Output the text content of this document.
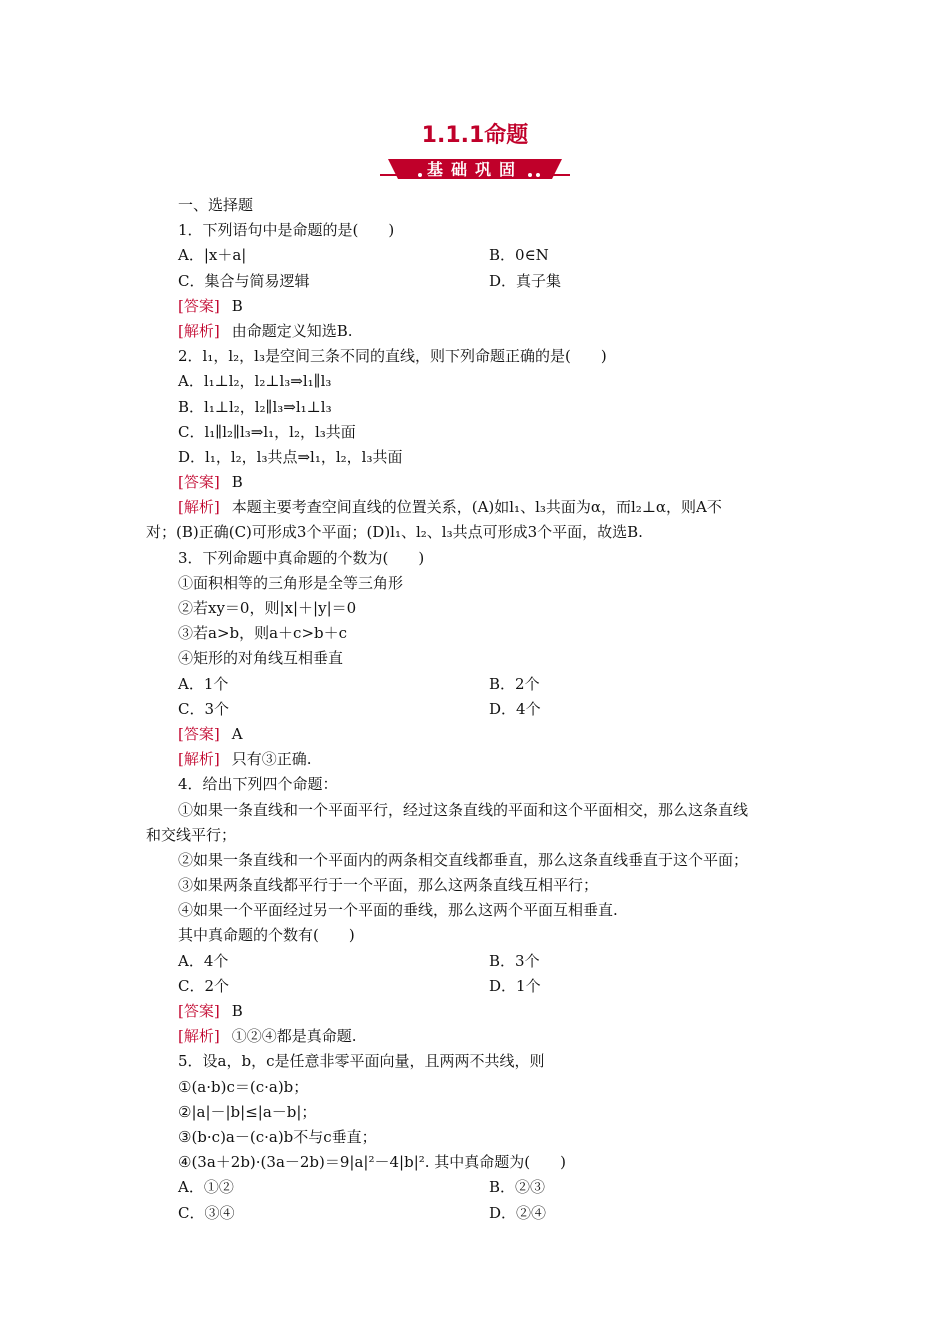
1.1.1命题
基础巩固
一、选择题
1．下列语句中是命题的是(　　)
A．|x＋a|	B．0∈N
C．集合与简易逻辑	D．真子集
[答案] B
[解析] 由命题定义知选B.
2．l₁，l₂，l₃是空间三条不同的直线，则下列命题正确的是(　　)
A．l₁⊥l₂，l₂⊥l₃⇒l₁∥l₃
B．l₁⊥l₂，l₂∥l₃⇒l₁⊥l₃
C．l₁∥l₂∥l₃⇒l₁，l₂，l₃共面
D．l₁，l₂，l₃共点⇒l₁，l₂，l₃共面
[答案] B
[解析] 本题主要考查空间直线的位置关系，(A)如l₁、l₃共面为α，而l₂⊥α，则A不
对；(B)正确(C)可形成3个平面；(D)l₁、l₂、l₃共点可形成3个平面，故选B.
3．下列命题中真命题的个数为(　　)
①面积相等的三角形是全等三角形
②若xy＝0，则|x|＋|y|＝0
③若a>b，则a＋c>b＋c
④矩形的对角线互相垂直
A．1个	B．2个
C．3个	D．4个
[答案] A
[解析] 只有③正确.
4．给出下列四个命题：
①如果一条直线和一个平面平行，经过这条直线的平面和这个平面相交，那么这条直线
和交线平行；
②如果一条直线和一个平面内的两条相交直线都垂直，那么这条直线垂直于这个平面；
③如果两条直线都平行于一个平面，那么这两条直线互相平行；
④如果一个平面经过另一个平面的垂线，那么这两个平面互相垂直.
其中真命题的个数有(　　)
A．4个	B．3个
C．2个	D．1个
[答案] B
[解析] ①②④都是真命题.
5．设a，b，c是任意非零平面向量，且两两不共线，则
①(a·b)c＝(c·a)b；
②|a|－|b|≤|a－b|；
③(b·c)a－(c·a)b不与c垂直；
④(3a＋2b)·(3a－2b)＝9|a|²－4|b|². 其中真命题为(　　)
A．①②	B．②③
C．③④	D．②④
